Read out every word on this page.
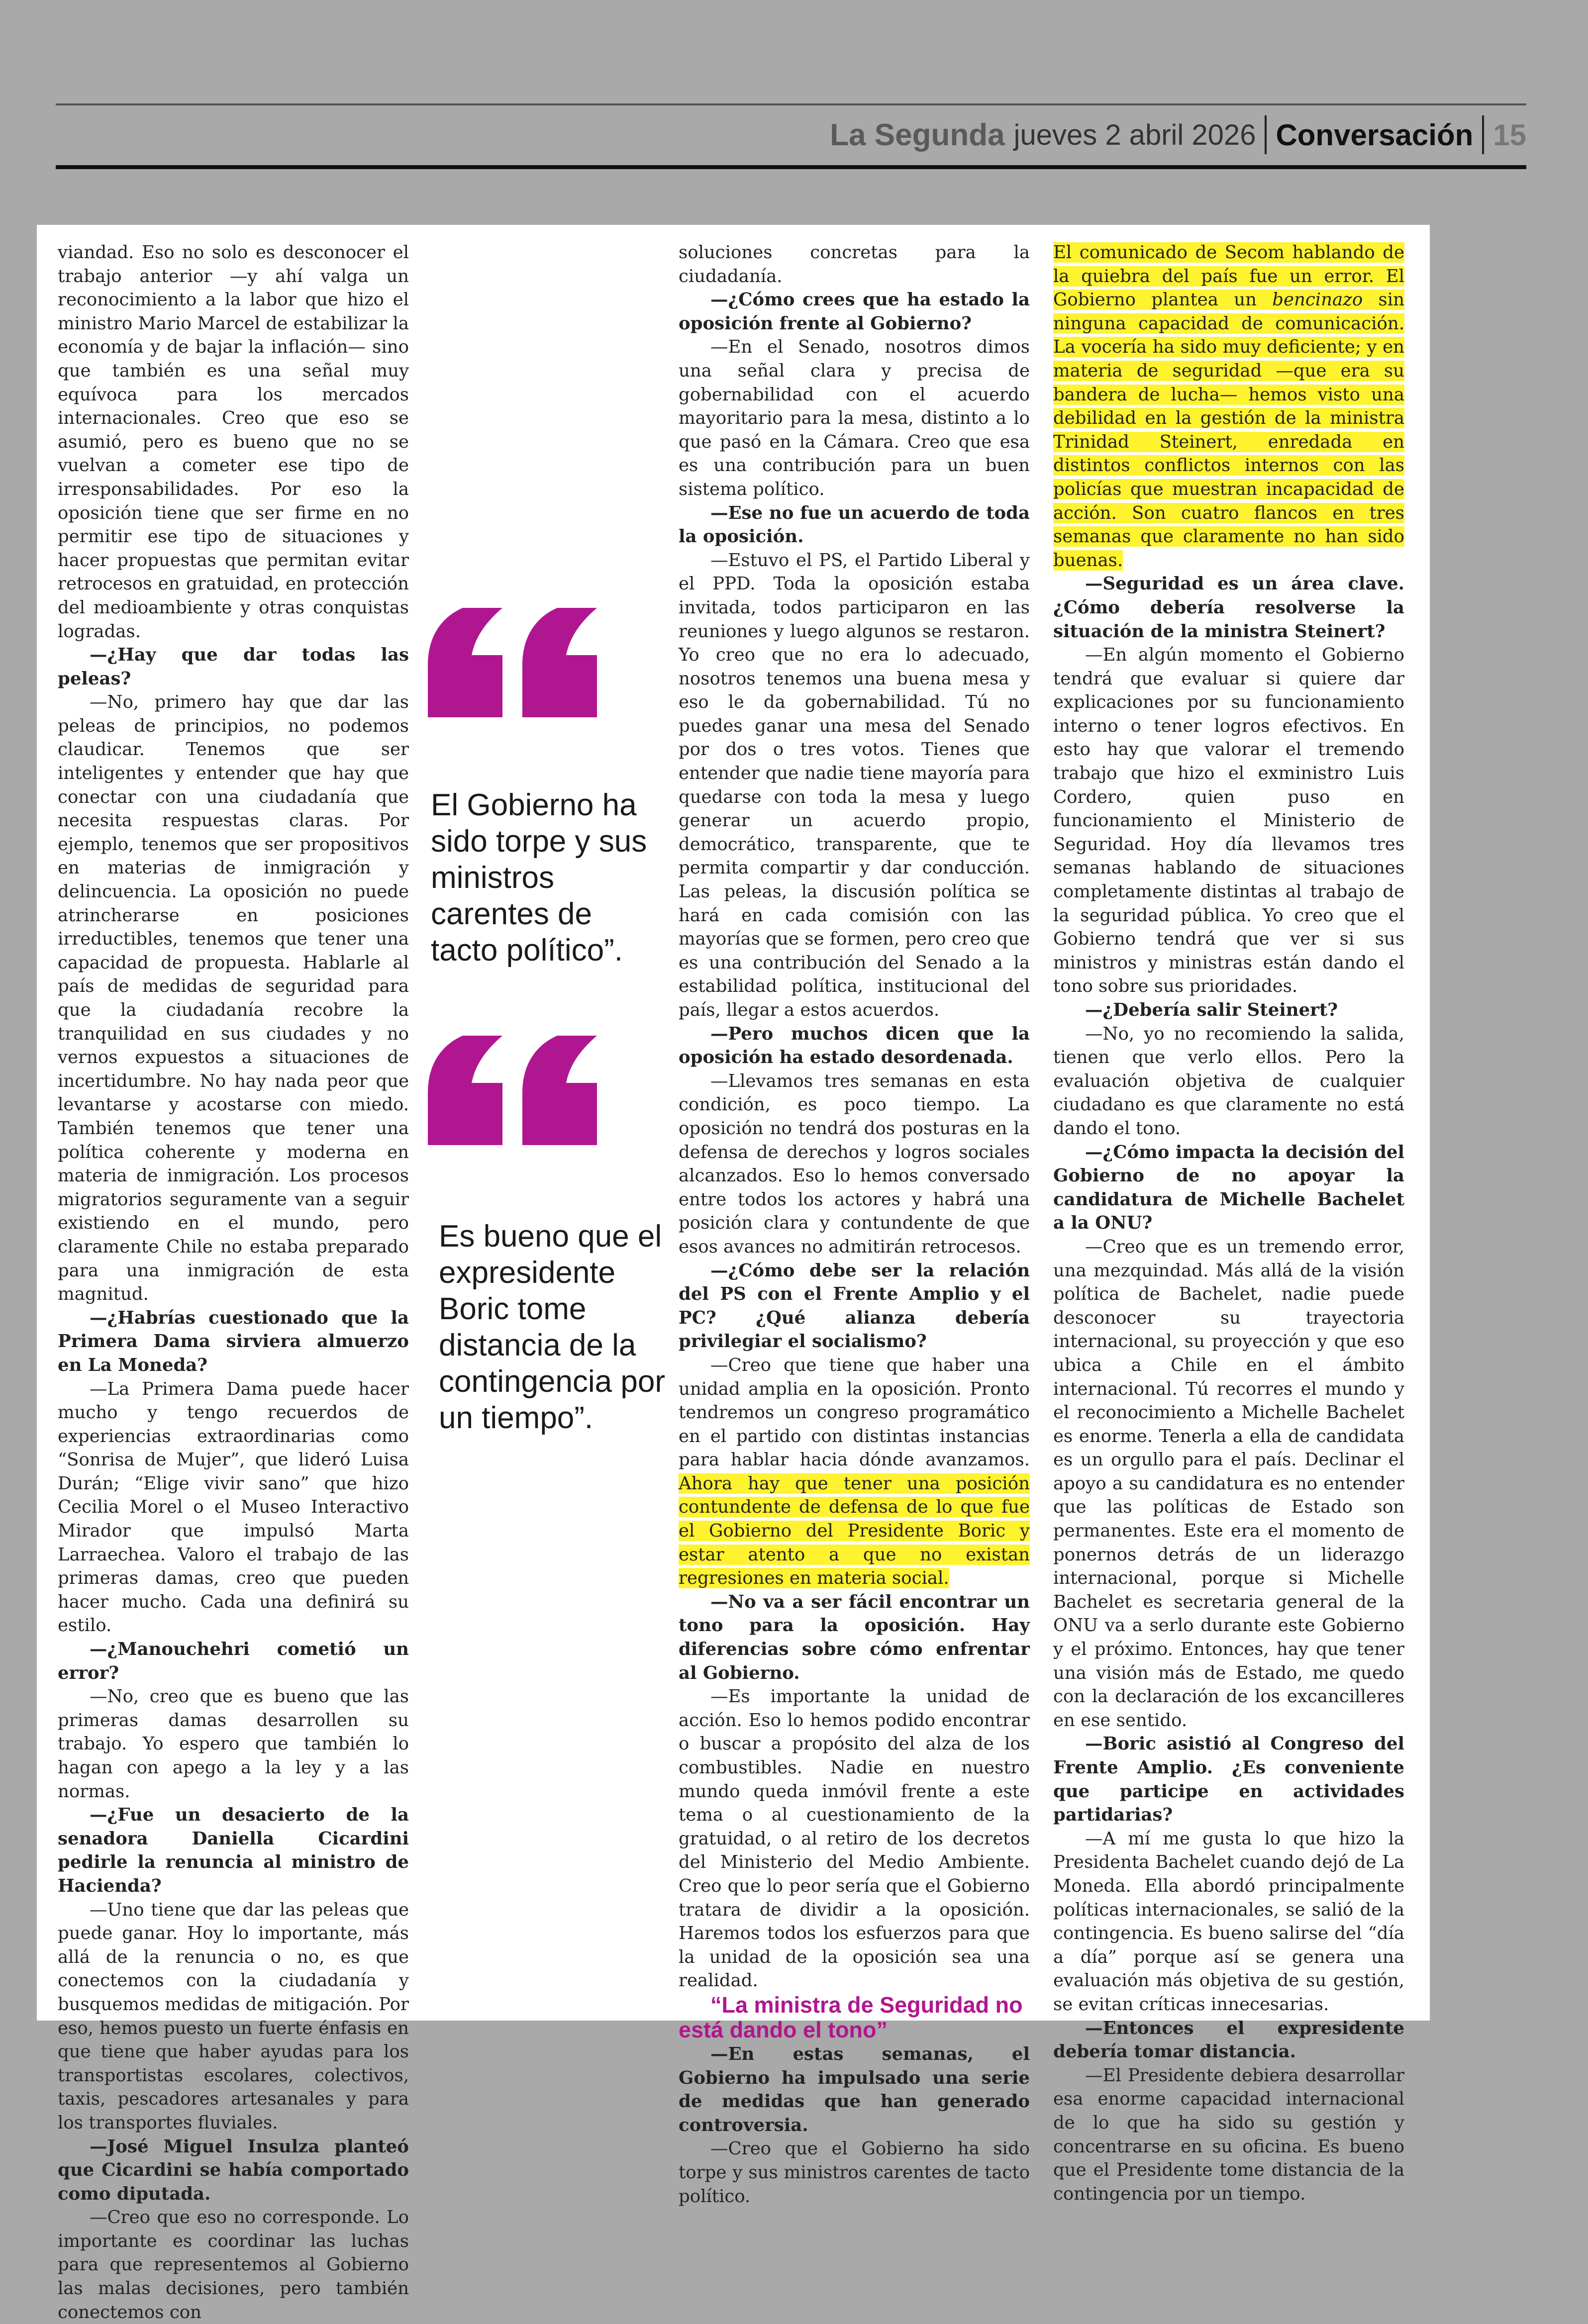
La Segunda jueves 2 abril 2026 Conversación 15

viandad. Eso no solo es desconocer el trabajo anterior —y ahí valga un reconocimiento a la labor que hizo el ministro Mario Marcel de estabilizar la economía y de bajar la inflación— sino que también es una señal muy equívoca para los mercados internacionales. Creo que eso se asumió, pero es bueno que no se vuelvan a cometer ese tipo de irresponsabilidades. Por eso la oposición tiene que ser firme en no permitir ese tipo de situaciones y hacer propuestas que permitan evitar retrocesos en gratuidad, en protección del medioambiente y otras conquistas logradas.

—¿Hay que dar todas las peleas?

—No, primero hay que dar las peleas de principios, no podemos claudicar. Tenemos que ser inteligentes y entender que hay que conectar con una ciudadanía que necesita respuestas claras. Por ejemplo, tenemos que ser propositivos en materias de inmigración y delincuencia. La oposición no puede atrincherarse en posiciones irreductibles, tenemos que tener una capacidad de propuesta. Hablarle al país de medidas de seguridad para que la ciudadanía recobre la tranquilidad en sus ciudades y no vernos expuestos a situaciones de incertidumbre. No hay nada peor que levantarse y acostarse con miedo. También tenemos que tener una política coherente y moderna en materia de inmigración. Los procesos migratorios seguramente van a seguir existiendo en el mundo, pero claramente Chile no estaba preparado para una inmigración de esta magnitud.

—¿Habrías cuestionado que la Primera Dama sirviera almuerzo en La Moneda?

—La Primera Dama puede hacer mucho y tengo recuerdos de experiencias extraordinarias como “Sonrisa de Mujer”, que lideró Luisa Durán; “Elige vivir sano” que hizo Cecilia Morel o el Museo Interactivo Mirador que impulsó Marta Larraechea. Valoro el trabajo de las primeras damas, creo que pueden hacer mucho. Cada una definirá su estilo.

—¿Manouchehri cometió un error?

—No, creo que es bueno que las primeras damas desarrollen su trabajo. Yo espero que también lo hagan con apego a la ley y a las normas.

—¿Fue un desacierto de la senadora Daniella Cicardini pedirle la renuncia al ministro de Hacienda?

—Uno tiene que dar las peleas que puede ganar. Hoy lo importante, más allá de la renuncia o no, es que conectemos con la ciudadanía y busquemos medidas de mitigación. Por eso, hemos puesto un fuerte énfasis en que tiene que haber ayudas para los transportistas escolares, colectivos, taxis, pescadores artesanales y para los transportes fluviales.

—José Miguel Insulza planteó que Cicardini se había comportado como diputada.

—Creo que eso no corresponde. Lo importante es coordinar las luchas para que representemos al Gobierno las malas decisiones, pero también conectemos con

El Gobierno ha sido torpe y sus ministros carentes de tacto político”.
Es bueno que el expresidente Boric tome distancia de la contingencia por un tiempo”.

soluciones concretas para la ciudadanía.

—¿Cómo crees que ha estado la oposición frente al Gobierno?

—En el Senado, nosotros dimos una señal clara y precisa de gobernabilidad con el acuerdo mayoritario para la mesa, distinto a lo que pasó en la Cámara. Creo que esa es una contribución para un buen sistema político.

—Ese no fue un acuerdo de toda la oposición.

—Estuvo el PS, el Partido Liberal y el PPD. Toda la oposición estaba invitada, todos participaron en las reuniones y luego algunos se restaron. Yo creo que no era lo adecuado, nosotros tenemos una buena mesa y eso le da gobernabilidad. Tú no puedes ganar una mesa del Senado por dos o tres votos. Tienes que entender que nadie tiene mayoría para quedarse con toda la mesa y luego generar un acuerdo propio, democrático, transparente, que te permita compartir y dar conducción. Las peleas, la discusión política se hará en cada comisión con las mayorías que se formen, pero creo que es una contribución del Senado a la estabilidad política, institucional del país, llegar a estos acuerdos.

—Pero muchos dicen que la oposición ha estado desordenada.

—Llevamos tres semanas en esta condición, es poco tiempo. La oposición no tendrá dos posturas en la defensa de derechos y logros sociales alcanzados. Eso lo hemos conversado entre todos los actores y habrá una posición clara y contundente de que esos avances no admitirán retrocesos.

—¿Cómo debe ser la relación del PS con el Frente Amplio y el PC? ¿Qué alianza debería privilegiar el socialismo?

—Creo que tiene que haber una unidad amplia en la oposición. Pronto tendremos un congreso programático en el partido con distintas instancias para hablar hacia dónde avanzamos. Ahora hay que tener una posición contundente de defensa de lo que fue el Gobierno del Presidente Boric y estar atento a que no existan regresiones en materia social.

—No va a ser fácil encontrar un tono para la oposición. Hay diferencias sobre cómo enfrentar al Gobierno.

—Es importante la unidad de acción. Eso lo hemos podido encontrar o buscar a propósito del alza de los combustibles. Nadie en nuestro mundo queda inmóvil frente a este tema o al cuestionamiento de la gratuidad, o al retiro de los decretos del Ministerio del Medio Ambiente. Creo que lo peor sería que el Gobierno tratara de dividir a la oposición. Haremos todos los esfuerzos para que la unidad de la oposición sea una realidad.

“La ministra de Seguridad no está dando el tono”

—En estas semanas, el Gobierno ha impulsado una serie de medidas que han generado controversia.

—Creo que el Gobierno ha sido torpe y sus ministros carentes de tacto político.

El comunicado de Secom hablando de la quiebra del país fue un error. El Gobierno plantea un bencinazo sin ninguna capacidad de comunicación. La vocería ha sido muy deficiente; y en materia de seguridad —que era su bandera de lucha— hemos visto una debilidad en la gestión de la ministra Trinidad Steinert, enredada en distintos conflictos internos con las policías que muestran incapacidad de acción. Son cuatro flancos en tres semanas que claramente no han sido buenas.

—Seguridad es un área clave. ¿Cómo debería resolverse la situación de la ministra Steinert?

—En algún momento el Gobierno tendrá que evaluar si quiere dar explicaciones por su funcionamiento interno o tener logros efectivos. En esto hay que valorar el tremendo trabajo que hizo el exministro Luis Cordero, quien puso en funcionamiento el Ministerio de Seguridad. Hoy día llevamos tres semanas hablando de situaciones completamente distintas al trabajo de la seguridad pública. Yo creo que el Gobierno tendrá que ver si sus ministros y ministras están dando el tono sobre sus prioridades.

—¿Debería salir Steinert?

—No, yo no recomiendo la salida, tienen que verlo ellos. Pero la evaluación objetiva de cualquier ciudadano es que claramente no está dando el tono.

—¿Cómo impacta la decisión del Gobierno de no apoyar la candidatura de Michelle Bachelet a la ONU?

—Creo que es un tremendo error, una mezquindad. Más allá de la visión política de Bachelet, nadie puede desconocer su trayectoria internacional, su proyección y que eso ubica a Chile en el ámbito internacional. Tú recorres el mundo y el reconocimiento a Michelle Bachelet es enorme. Tenerla a ella de candidata es un orgullo para el país. Declinar el apoyo a su candidatura es no entender que las políticas de Estado son permanentes. Este era el momento de ponernos detrás de un liderazgo internacional, porque si Michelle Bachelet es secretaria general de la ONU va a serlo durante este Gobierno y el próximo. Entonces, hay que tener una visión más de Estado, me quedo con la declaración de los excancilleres en ese sentido.

—Boric asistió al Congreso del Frente Amplio. ¿Es conveniente que participe en actividades partidarias?

—A mí me gusta lo que hizo la Presidenta Bachelet cuando dejó de La Moneda. Ella abordó principalmente políticas internacionales, se salió de la contingencia. Es bueno salirse del “día a día” porque así se genera una evaluación más objetiva de su gestión, se evitan críticas innecesarias.

—Entonces el expresidente debería tomar distancia.

—El Presidente debiera desarrollar esa enorme capacidad internacional de lo que ha sido su gestión y concentrarse en su oficina. Es bueno que el Presidente tome distancia de la contingencia por un tiempo.
